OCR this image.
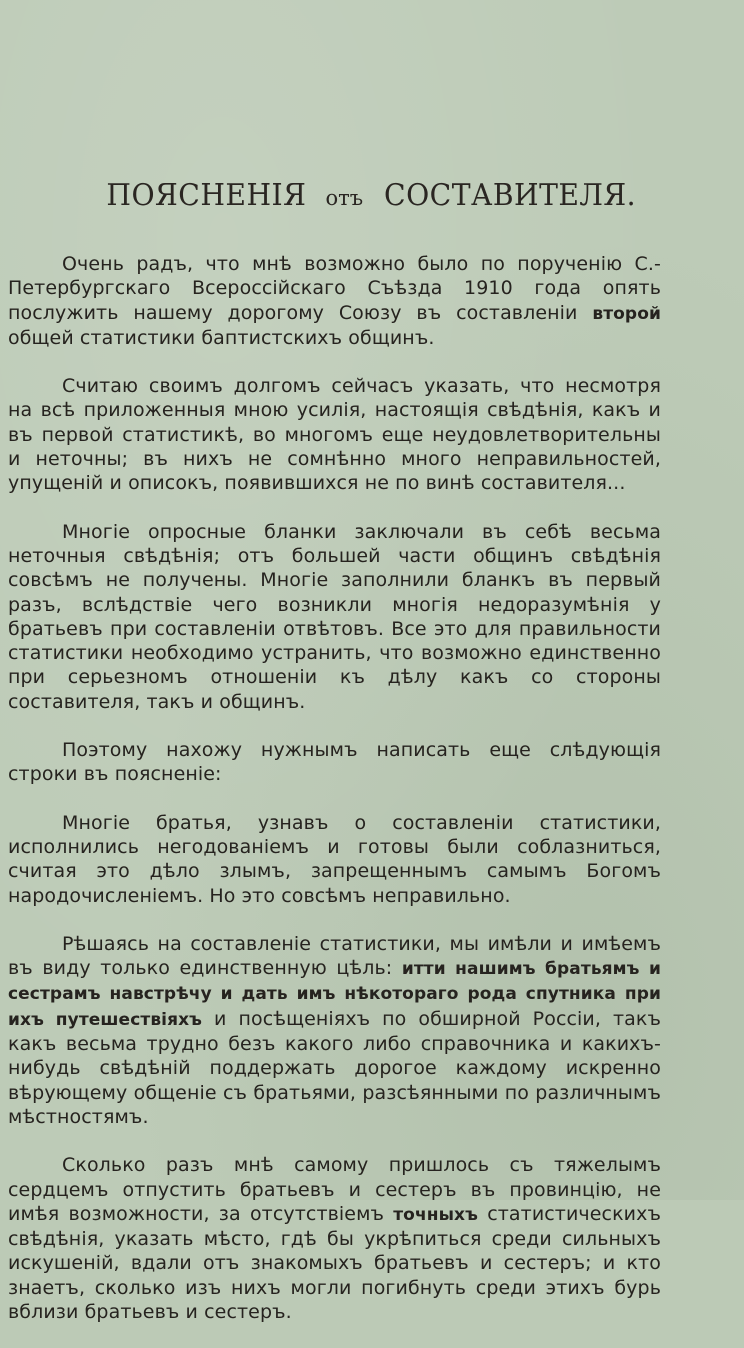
ПОЯСНЕНIЯ отъ СОСТАВИТЕЛЯ.

Очень радъ, что мнѣ возможно было по порученiю С.-Петербургскаго Всероссiйскаго Съѣзда 1910 года опять послужить нашему дорогому Союзу въ составленiи второй общей статистики баптистскихъ общинъ.

Считаю своимъ долгомъ сейчасъ указать, что несмотря на всѣ приложенныя мною усилiя, настоящiя свѣдѣнiя, какъ и въ первой статистикѣ, во многомъ еще неудовлетворительны и неточны; въ нихъ не сомнѣнно много неправильностей, упущенiй и описокъ, появившихся не по винѣ составителя...

Многiе опросные бланки заключали въ себѣ весьма неточныя свѣдѣнiя; отъ большей части общинъ свѣдѣнiя совсѣмъ не получены. Многiе заполнили бланкъ въ первый разъ, вслѣдствiе чего возникли многiя недоразумѣнiя у братьевъ при составленiи отвѣтовъ. Все это для правильности статистики необходимо устранить, что возможно единственно при серьезномъ отношенiи къ дѣлу какъ со стороны составителя, такъ и общинъ.

Поэтому нахожу нужнымъ написать еще слѣдующiя строки въ поясненiе:

Многiе братья, узнавъ о составленiи статистики, исполнились негодованiемъ и готовы были соблазниться, считая это дѣло злымъ, запрещеннымъ самымъ Богомъ народочисленiемъ. Но это совсѣмъ неправильно.

Рѣшаясь на составленiе статистики, мы имѣли и имѣемъ въ виду только единственную цѣль: итти нашимъ братьямъ и сестрамъ навстрѣчу и дать имъ нѣкотораго рода спутника при ихъ путешествiяхъ и посѣщенiяхъ по обширной Россiи, такъ какъ весьма трудно безъ какого либо справочника и какихъ-нибудь свѣдѣнiй поддержать дорогое каждому искренно вѣрующему общенiе съ братьями, разсѣянными по различнымъ мѣстностямъ.

Сколько разъ мнѣ самому пришлось съ тяжелымъ сердцемъ отпустить братьевъ и сестеръ въ провинцiю, не имѣя возможности, за отсутствiемъ точныхъ статистическихъ свѣдѣнiя, указать мѣсто, гдѣ бы укрѣпиться среди сильныхъ искушенiй, вдали отъ знакомыхъ братьевъ и сестеръ; и кто знаетъ, сколько изъ нихъ могли погибнуть среди этихъ бурь вблизи братьевъ и сестеръ.
